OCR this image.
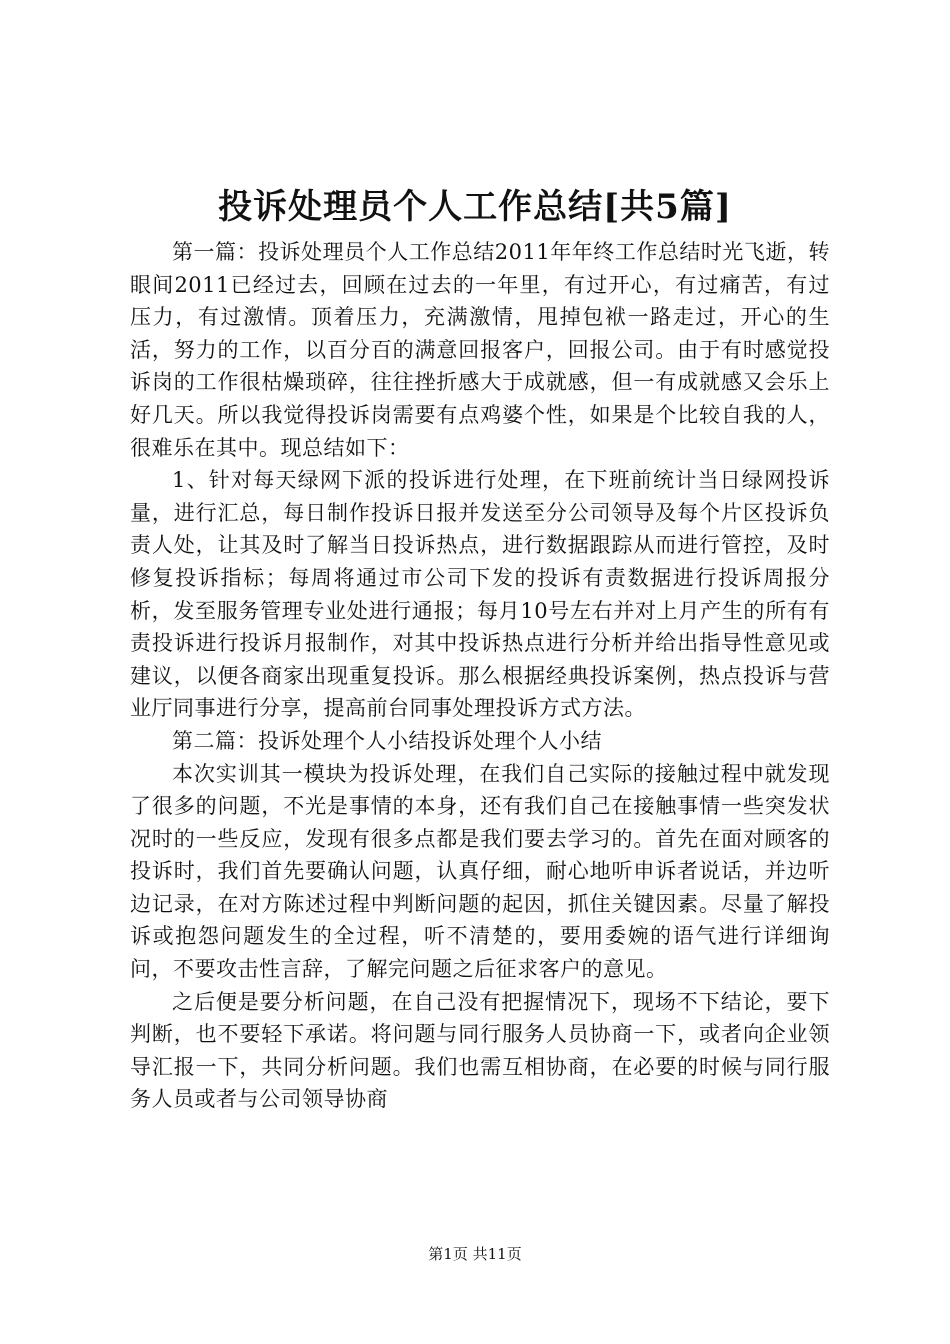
投诉处理员个人工作总结[共5篇]

第一篇：投诉处理员个人工作总结2011年年终工作总结时光飞逝，转眼间2011已经过去，回顾在过去的一年里，有过开心，有过痛苦，有过压力，有过激情。顶着压力，充满激情，甩掉包袱一路走过，开心的生活，努力的工作，以百分百的满意回报客户，回报公司。由于有时感觉投诉岗的工作很枯燥琐碎，往往挫折感大于成就感，但一有成就感又会乐上好几天。所以我觉得投诉岗需要有点鸡婆个性，如果是个比较自我的人，很难乐在其中。现总结如下：

1、针对每天绿网下派的投诉进行处理，在下班前统计当日绿网投诉量，进行汇总，每日制作投诉日报并发送至分公司领导及每个片区投诉负责人处，让其及时了解当日投诉热点，进行数据跟踪从而进行管控，及时修复投诉指标；每周将通过市公司下发的投诉有责数据进行投诉周报分析，发至服务管理专业处进行通报；每月10号左右并对上月产生的所有有责投诉进行投诉月报制作，对其中投诉热点进行分析并给出指导性意见或建议，以便各商家出现重复投诉。那么根据经典投诉案例，热点投诉与营业厅同事进行分享，提高前台同事处理投诉方式方法。

第二篇：投诉处理个人小结投诉处理个人小结

本次实训其一模块为投诉处理，在我们自己实际的接触过程中就发现了很多的问题，不光是事情的本身，还有我们自己在接触事情一些突发状况时的一些反应，发现有很多点都是我们要去学习的。首先在面对顾客的投诉时，我们首先要确认问题，认真仔细，耐心地听申诉者说话，并边听边记录，在对方陈述过程中判断问题的起因，抓住关键因素。尽量了解投诉或抱怨问题发生的全过程，听不清楚的，要用委婉的语气进行详细询问，不要攻击性言辞，了解完问题之后征求客户的意见。

之后便是要分析问题，在自己没有把握情况下，现场不下结论，要下判断，也不要轻下承诺。将问题与同行服务人员协商一下，或者向企业领导汇报一下，共同分析问题。我们也需互相协商，在必要的时候与同行服务人员或者与公司领导协商

第1页 共11页
